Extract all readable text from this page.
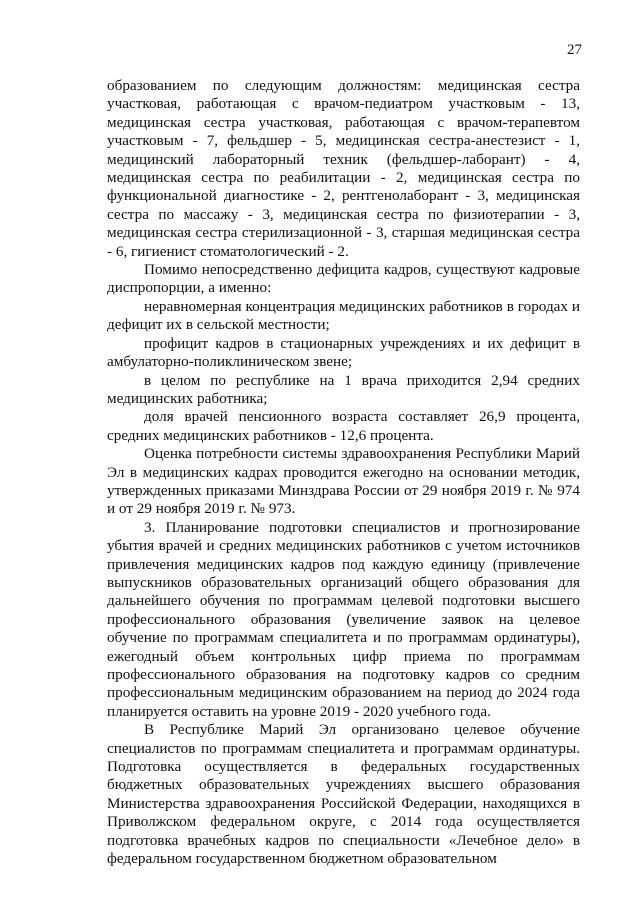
27

образованием по следующим должностям: медицинская сестра участковая, работающая с врачом-педиатром участковым - 13, медицинская сестра участковая, работающая с врачом-терапевтом участковым - 7, фельдшер - 5, медицинская сестра-анестезист - 1, медицинский лабораторный техник (фельдшер-лаборант) - 4, медицинская сестра по реабилитации - 2, медицинская сестра по функциональной диагностике - 2, рентгенолаборант - 3, медицинская сестра по массажу - 3, медицинская сестра по физиотерапии - 3, медицинская сестра стерилизационной - 3, старшая медицинская сестра - 6, гигиенист стоматологический - 2.

Помимо непосредственно дефицита кадров, существуют кадровые диспропорции, а именно:

неравномерная концентрация медицинских работников в городах и дефицит их в сельской местности;

профицит кадров в стационарных учреждениях и их дефицит в амбулаторно-поликлиническом звене;

в целом по республике на 1 врача приходится 2,94 средних медицинских работника;

доля врачей пенсионного возраста составляет 26,9 процента, средних медицинских работников - 12,6 процента.

Оценка потребности системы здравоохранения Республики Марий Эл в медицинских кадрах проводится ежегодно на основании методик, утвержденных приказами Минздрава России от 29 ноября 2019 г. № 974 и от 29 ноября 2019 г. № 973.

3. Планирование подготовки специалистов и прогнозирование убытия врачей и средних медицинских работников с учетом источников привлечения медицинских кадров под каждую единицу (привлечение выпускников образовательных организаций общего образования для дальнейшего обучения по программам целевой подготовки высшего профессионального образования (увеличение заявок на целевое обучение по программам специалитета и по программам ординатуры), ежегодный объем контрольных цифр приема по программам профессионального образования на подготовку кадров со средним профессиональным медицинским образованием на период до 2024 года планируется оставить на уровне 2019 - 2020 учебного года.

В Республике Марий Эл организовано целевое обучение специалистов по программам специалитета и программам ординатуры. Подготовка осуществляется в федеральных государственных бюджетных образовательных учреждениях высшего образования Министерства здравоохранения Российской Федерации, находящихся в Приволжском федеральном округе, с 2014 года осуществляется подготовка врачебных кадров по специальности «Лечебное дело» в федеральном государственном бюджетном образовательном
